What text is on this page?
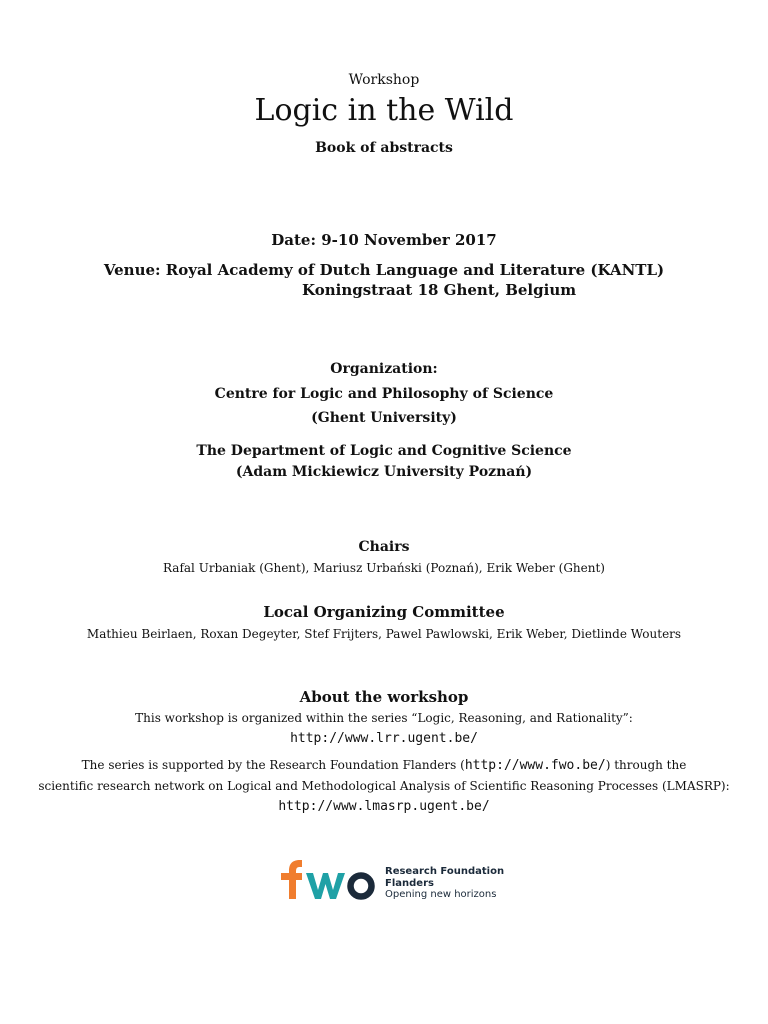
Workshop
Logic in the Wild
Book of abstracts
Date: 9-10 November 2017
Venue: Royal Academy of Dutch Language and Literature (KANTL)
Koningstraat 18 Ghent, Belgium
Organization:
Centre for Logic and Philosophy of Science
(Ghent University)
The Department of Logic and Cognitive Science
(Adam Mickiewicz University Poznań)
Chairs
Rafal Urbaniak (Ghent), Mariusz Urbański (Poznań), Erik Weber (Ghent)
Local Organizing Committee
Mathieu Beirlaen, Roxan Degeyter, Stef Frijters, Pawel Pawlowski, Erik Weber, Dietlinde Wouters
About the workshop
This workshop is organized within the series “Logic, Reasoning, and Rationality”:
http://www.lrr.ugent.be/
The series is supported by the Research Foundation Flanders (http://www.fwo.be/) through the
scientific research network on Logical and Methodological Analysis of Scientific Reasoning Processes (LMASRP):
http://www.lmasrp.ugent.be/
Research Foundation
Flanders
Opening new horizons
